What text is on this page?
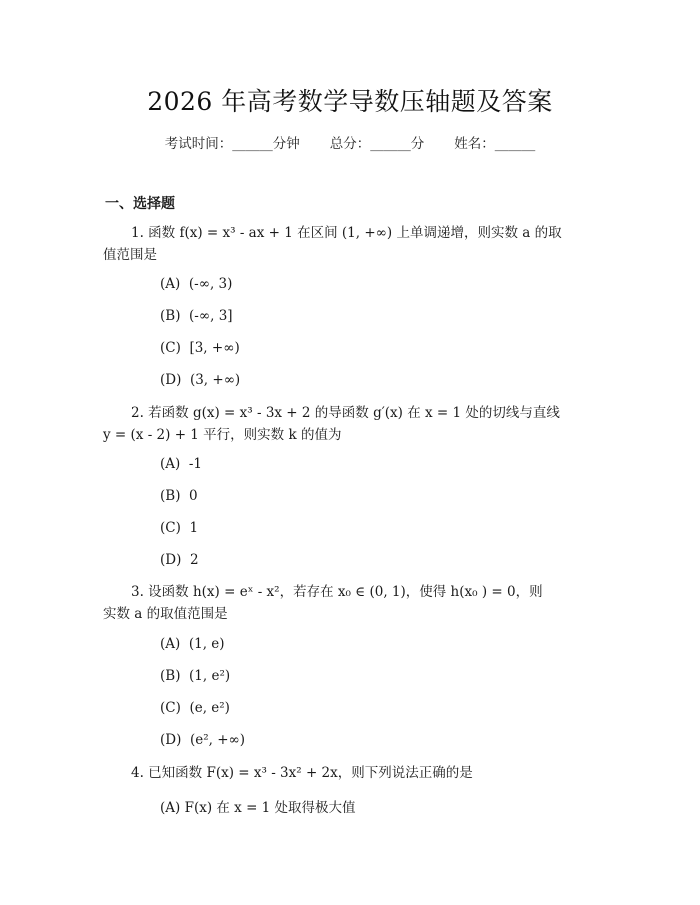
2026 年高考数学导数压轴题及答案
考试时间：______分钟 总分：______分 姓名：______
一、选择题
1. 函数 f(x) = x³ - ax + 1 在区间 (1, +∞) 上单调递增，则实数 a 的取
值范围是
(A)  (-∞, 3)
(B)  (-∞, 3]
(C)  [3, +∞)
(D)  (3, +∞)
2. 若函数 g(x) = x³ - 3x + 2 的导函数 g′(x) 在 x = 1 处的切线与直线
y = (x - 2) + 1 平行，则实数 k 的值为
(A)  -1
(B)  0
(C)  1
(D)  2
3. 设函数 h(x) = eˣ - x²，若存在 x₀ ∈ (0, 1)，使得 h(x₀ ) = 0，则
实数 a 的取值范围是
(A)  (1, e)
(B)  (1, e²)
(C)  (e, e²)
(D)  (e², +∞)
4. 已知函数 F(x) = x³ - 3x² + 2x，则下列说法正确的是
(A) F(x) 在 x = 1 处取得极大值
